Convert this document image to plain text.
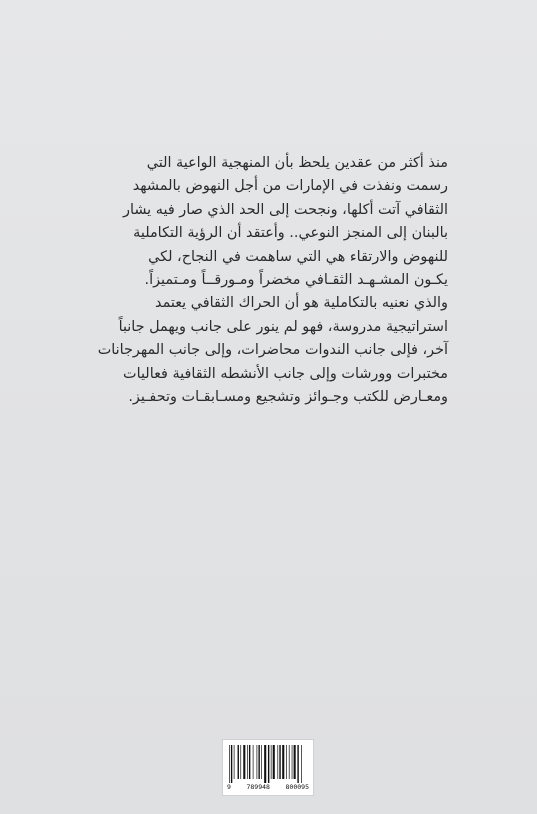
منذ أكثر من عقدين يلحظ بأن المنهجية الواعية التي
رسمت ونفذت في الإمارات من أجل النهوض بالمشهد
الثقافي آتت أكلها، ونجحت إلى الحد الذي صار فيه يشار
بالبنان إلى المنجز النوعي.. وأعتقد أن الرؤية التكاملية
للنهوض والارتقاء هي التي ساهمت في النجاح، لكي
يكـون المشـهـد الثقـافي مخضراً ومـورقــاً ومـتميزاً.
والذي نعنيه بالتكاملية هو أن الحراك الثقافي يعتمد
استراتيجية مدروسة، فهو لم ينور على جانب ويهمل جانباً
آخر، فإلى جانب الندوات محاضرات، وإلى جانب المهرجانات
مختبرات وورشات وإلى جانب الأنشطه الثقافية فعاليات
ومعـارض للكتب وجـوائز وتشجيع ومسـابقـات وتحفـيز.
9 789948 800095
